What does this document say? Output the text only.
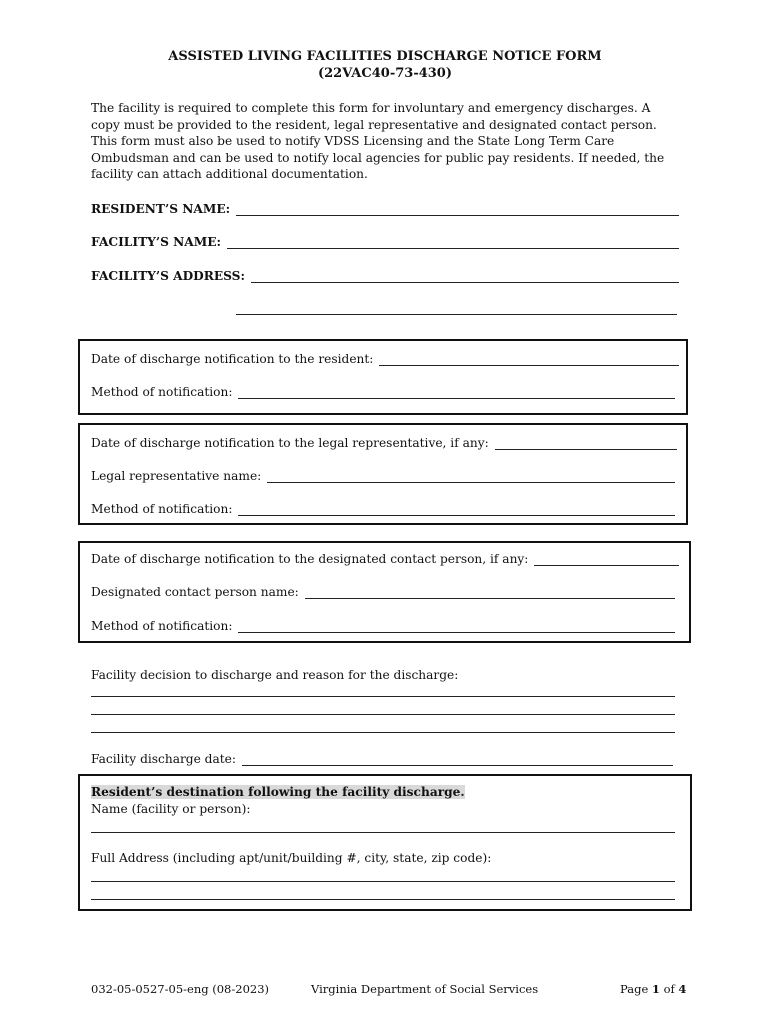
ASSISTED LIVING FACILITIES DISCHARGE NOTICE FORM
(22VAC40-73-430)
The facility is required to complete this form for involuntary and emergency discharges. A copy must be provided to the resident, legal representative and designated contact person. This form must also be used to notify VDSS Licensing and the State Long Term Care Ombudsman and can be used to notify local agencies for public pay residents. If needed, the facility can attach additional documentation.
RESIDENT’S NAME:
FACILITY’S NAME:
FACILITY’S ADDRESS:
Date of discharge notification to the resident:
Method of notification:
Date of discharge notification to the legal representative, if any:
Legal representative name:
Method of notification:
Date of discharge notification to the designated contact person, if any:
Designated contact person name:
Method of notification:
Facility decision to discharge and reason for the discharge:
Facility discharge date:
Resident’s destination following the facility discharge.
Name (facility or person):
Full Address (including apt/unit/building #, city, state, zip code):
032-05-0527-05-eng (08-2023)	Virginia Department of Social Services	Page 1 of 4
